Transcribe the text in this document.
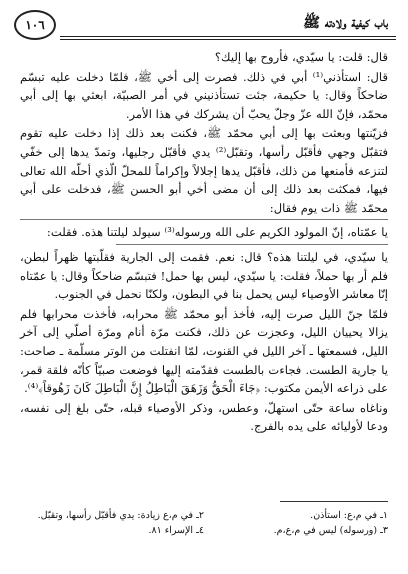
باب كيفية ولادته ﷺ
١٠٦

قال: قلت: يا سيّدي، فأروح بها إليك؟

قال: استأذني⁽¹⁾ أبي في ذلك. فصرت إلى أخي ﷺ، فلمّا دخلت عليه تبسّم ضاحكاً وقال: يا حكيمة، جئت تستأذنيني في أمر الصبيّة، ابعثي بها إلى أبي محمّد، فإنّ الله عزّ وجلّ يحبّ أن يشركك في هذا الأمر.

فزيّنتها وبعثت بها إلى أبي محمّد ﷺ، فكنت بعد ذلك إذا دخلت عليه تقوم فتقبّل وجهي فأقبّل رأسها، وتقبّل⁽²⁾ يدي فأقبّل رجليها، وتمدّ يدها إلى خفّي لتنزعه فأمنعها من ذلك، فأقبّل يدها إجلالاً وإكراماً للمحلّ الّذي أحلّه الله تعالى فيها، فمكثت بعد ذلك إلى أن مضى أخي أبو الحسن ﷺ، فدخلت على أبي محمّد ﷺ ذات يوم فقال:

يا عمّتاه، إنّ المولود الكريم على الله ورسوله⁽³⁾ سيولد ليلتنا هذه. فقلت:

يا سيّدي، في ليلتنا هذه؟ قال: نعم. فقمت إلى الجارية فقلّبتها ظهراً لبطن، فلم أر بها حملاً، فقلت: يا سيّدي، ليس بها حمل! فتبسّم ضاحكاً وقال: يا عمّتاه إنّا معاشر الأوصياء ليس يحمل بنا في البطون، ولكنّا نحمل في الجنوب.

فلمّا جنّ الليل صرت إليه، فأخذ أبو محمّد ﷺ محرابه، فأخذت محرابها فلم يزالا يحييان الليل، وعجزت عن ذلك، فكنت مرّة أنام ومرّة أصلّي إلى آخر الليل، فسمعتها ـ آخر الليل في القنوت، لمّا انفتلت من الوتر مسلّمة ـ صاحت: يا جارية الطست. فجاءت بالطست فقدّمته إليها فوضعت صبيّاً كأنّه فلقة قمر، على ذراعه الأيمن مكتوب: ﴿جَاءَ الْحَقُّ وَزَهَقَ الْبَاطِلُ إِنَّ الْبَاطِلَ كَانَ زَهُوقاً﴾⁽⁴⁾.

وناغاه ساعة حتّى استهلّ، وعطس، وذكر الأوصياء قبله، حتّى بلغ إلى نفسه، ودعا لأوليائه على يده بالفرج.

١ـ في م،ع: استأذن.
٢ـ في م،ع زيادة: يدي فأقبّل رأسها، وتقبّل.
٣ـ (ورسوله) ليس في م،ع،م.
٤ـ الإسراء ٨١.
